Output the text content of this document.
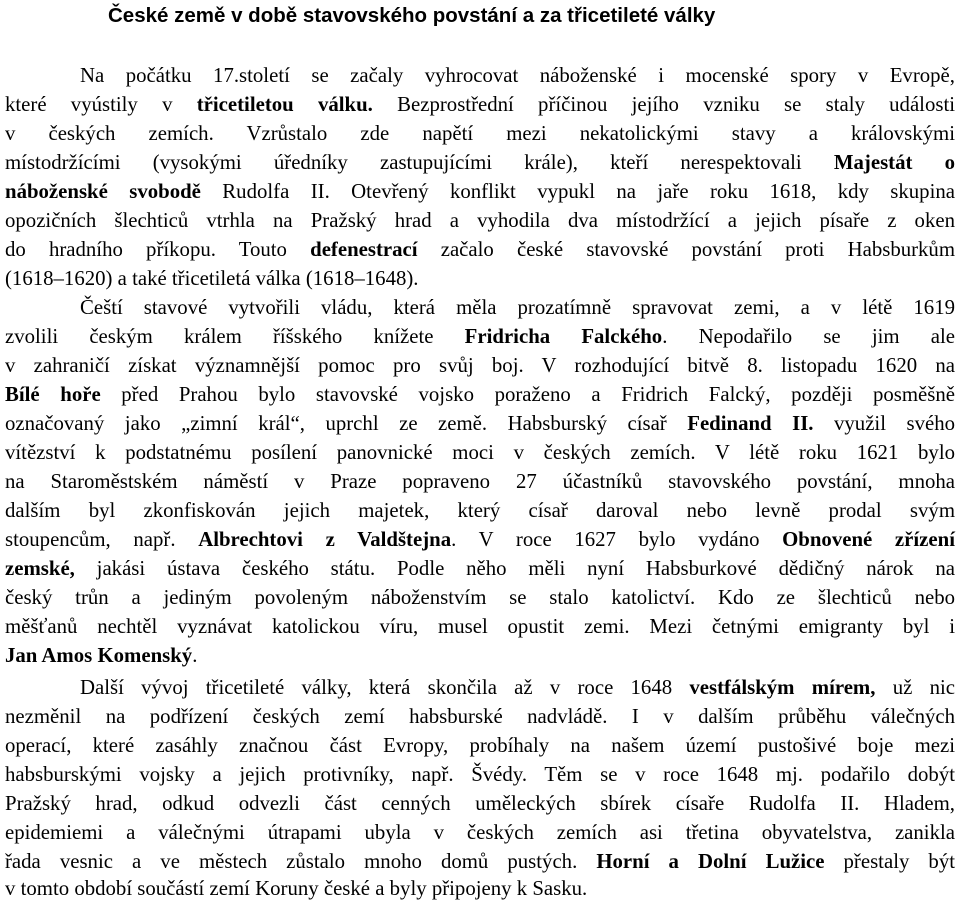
České země v době stavovského povstání a za třicetileté války
Na počátku 17.století se začaly vyhrocovat náboženské i mocenské spory v Evropě,
které vyústily v třicetiletou válku. Bezprostřední příčinou jejího vzniku se staly události
v českých zemích. Vzrůstalo zde napětí mezi nekatolickými stavy a královskými
místodržícími (vysokými úředníky zastupujícími krále), kteří nerespektovali Majestát o
náboženské svobodě Rudolfa II. Otevřený konflikt vypukl na jaře roku 1618, kdy skupina
opozičních šlechticů vtrhla na Pražský hrad a vyhodila dva místodržící a jejich písaře z oken
do hradního příkopu. Touto defenestrací začalo české stavovské povstání proti Habsburkům
(1618–1620) a také třicetiletá válka (1618–1648).
Čeští stavové vytvořili vládu, která měla prozatímně spravovat zemi, a v létě 1619
zvolili českým králem říšského knížete Fridricha Falckého. Nepodařilo se jim ale
v zahraničí získat významnější pomoc pro svůj boj. V rozhodující bitvě 8. listopadu 1620 na
Bílé hoře před Prahou bylo stavovské vojsko poraženo a Fridrich Falcký, později posměšně
označovaný jako „zimní král“, uprchl ze země. Habsburský císař Fedinand II. využil svého
vítězství k podstatnému posílení panovnické moci v českých zemích. V létě roku 1621 bylo
na Staroměstském náměstí v Praze popraveno 27 účastníků stavovského povstání, mnoha
dalším byl zkonfiskován jejich majetek, který císař daroval nebo levně prodal svým
stoupencům, např. Albrechtovi z Valdštejna. V roce 1627 bylo vydáno Obnovené zřízení
zemské, jakási ústava českého státu. Podle něho měli nyní Habsburkové dědičný nárok na
český trůn a jediným povoleným náboženstvím se stalo katolictví. Kdo ze šlechticů nebo
měšťanů nechtěl vyznávat katolickou víru, musel opustit zemi. Mezi četnými emigranty byl i
Jan Amos Komenský.
Další vývoj třicetileté války, která skončila až v roce 1648 vestfálským mírem, už nic
nezměnil na podřízení českých zemí habsburské nadvládě. I v dalším průběhu válečných
operací, které zasáhly značnou část Evropy, probíhaly na našem území pustošivé boje mezi
habsburskými vojsky a jejich protivníky, např. Švédy. Těm se v roce 1648 mj. podařilo dobýt
Pražský hrad, odkud odvezli část cenných uměleckých sbírek císaře Rudolfa II. Hladem,
epidemiemi a válečnými útrapami ubyla v českých zemích asi třetina obyvatelstva, zanikla
řada vesnic a ve městech zůstalo mnoho domů pustých. Horní a Dolní Lužice přestaly být
v tomto období součástí zemí Koruny české a byly připojeny k Sasku.
